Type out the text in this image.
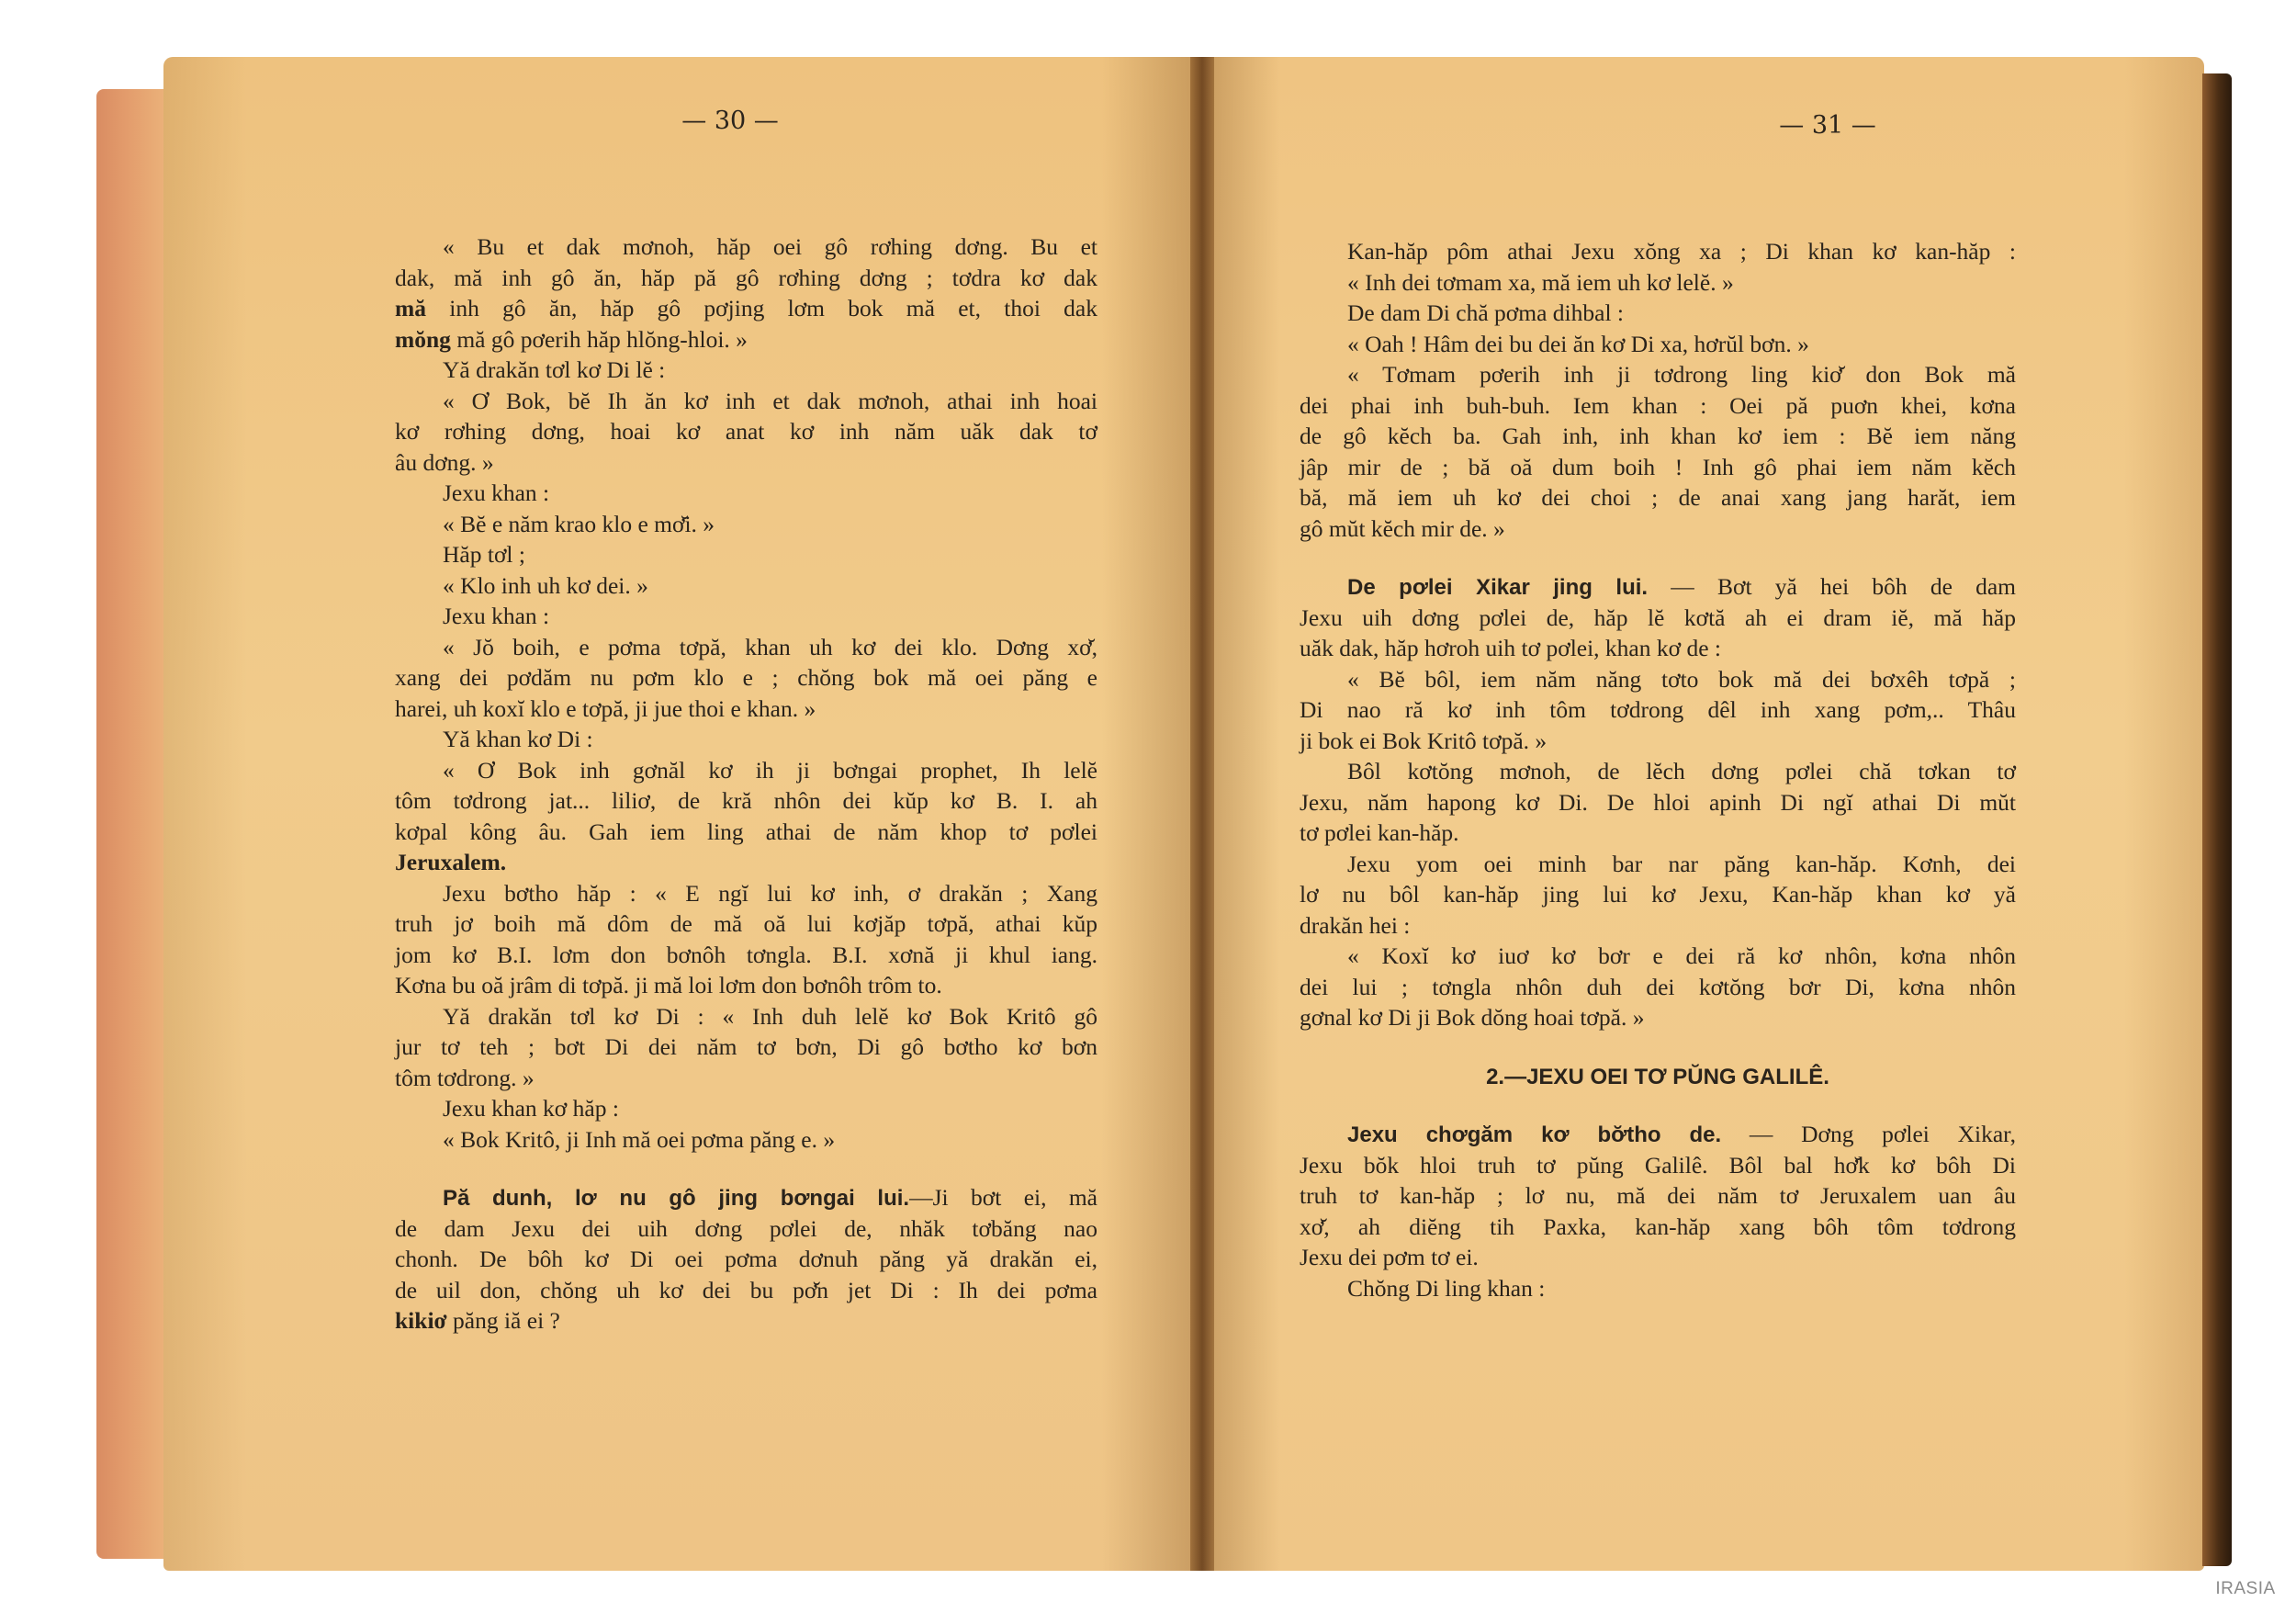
— 30 —
« Bu et dak mơnoh, hăp oei gô rơhing dơng. Bu et
dak, mă inh gô ăn, hăp pă gô rơhing dơng ; tơdra kơ dak
mă inh gô ăn, hăp gô pơjing lơm bok mă et, thoi dak
mŏng mă gô pơerih hăp hlŏng-hloi. »
Yă drakăn tơl kơ Di lĕ :
« Ơ Bok, bĕ Ih ăn kơ inh et dak mơnoh, athai inh hoai
kơ rơhing dơng, hoai kơ anat kơ inh năm uăk dak tơ
âu dơng. »
Jexu khan :
« Bĕ e năm krao klo e mơ̆i. »
Hăp tơl ;
« Klo inh uh kơ dei. »
Jexu khan :
« Jŏ boih, e pơma tơpă, khan uh kơ dei klo. Dơng xơ̆,
xang dei pơdăm nu pơm klo e ; chŏng bok mă oei păng e
harei, uh koxĭ klo e tơpă, ji jue thoi e khan. »
Yă khan kơ Di :
« Ơ Bok inh gơnăl kơ ih ji bơngai prophet, Ih lelĕ
tôm tơdrong jat... liliơ, de kră nhôn dei kŭp kơ B. I. ah
kơpal kông âu. Gah iem ling athai de năm khop tơ pơlei
Jeruxalem.
Jexu bơtho hăp : « E ngĭ lui kơ inh, ơ drakăn ; Xang
truh jơ boih mă dôm de mă oă lui kơjăp tơpă, athai kŭp
jom kơ B.I. lơm don bơnôh tơngla. B.I. xơnă ji khul iang.
Kơna bu oă jrâm di tơpă. ji mă loi lơm don bơnôh trôm to.
Yă drakăn tơl kơ Di : « Inh duh lelĕ kơ Bok Kritô gô
jur tơ teh ; bơt Di dei năm tơ bơn, Di gô bơtho kơ bơn
tôm tơdrong. »
Jexu khan kơ hăp :
« Bok Kritô, ji Inh mă oei pơma păng e. »
Pă dunh, lơ nu gô jing bơngai lui.—Ji bơt ei, mă
de dam Jexu dei uih dơng pơlei de, nhăk tơbăng nao
chonh. De bôh kơ Di oei pơma dơnuh păng yă drakăn ei,
de uil don, chŏng uh kơ dei bu pơ̆n jet Di : Ih dei pơma
kikiơ păng iă ei ?
— 31 —
Kan-hăp pôm athai Jexu xŏng xa ; Di khan kơ kan-hăp :
« Inh dei tơmam xa, mă iem uh kơ lelĕ. »
De dam Di chă pơma dihbal :
« Oah ! Hâm dei bu dei ăn kơ Di xa, hơrŭl bơn. »
« Tơmam pơerih inh ji tơdrong ling kiơ̆ don Bok mă
dei phai inh buh-buh. Iem khan : Oei pă puơn khei, kơna
de gô kĕch ba. Gah inh, inh khan kơ iem : Bĕ iem năng
jâp mir de ; bă oă dum boih ! Inh gô phai iem năm kĕch
bă, mă iem uh kơ dei choi ; de anai xang jang harăt, iem
gô mŭt kĕch mir de. »
De pơlei Xikar jing lui. — Bơt yă hei bôh de dam
Jexu uih dơng pơlei de, hăp lĕ kơtă ah ei dram iĕ, mă hăp
uăk dak, hăp hơroh uih tơ pơlei, khan kơ de :
« Bĕ bôl, iem năm năng tơto bok mă dei bơxêh tơpă ;
Di nao ră kơ inh tôm tơdrong dêl inh xang pơm,.. Thâu
ji bok ei Bok Kritô tơpă. »
Bôl kơtŏng mơnoh, de lĕch dơng pơlei chă tơkan tơ
Jexu, năm hapong kơ Di. De hloi apinh Di ngĭ athai Di mŭt
tơ pơlei kan-hăp.
Jexu yom oei minh bar nar păng kan-hăp. Kơnh, dei
lơ nu bôl kan-hăp jing lui kơ Jexu, Kan-hăp khan kơ yă
drakăn hei :
« Koxĭ kơ iuơ kơ bơr e dei ră kơ nhôn, kơna nhôn
dei lui ; tơngla nhôn duh dei kơtŏng bơr Di, kơna nhôn
gơnal kơ Di ji Bok dŏng hoai tơpă. »
2.—JEXU OEI TƠ PŬNG GALILÊ.
Jexu chơgăm kơ bơ̆tho de. — Dơng pơlei Xikar,
Jexu bŏk hloi truh tơ pŭng Galilê. Bôl bal hơ̆k kơ bôh Di
truh tơ kan-hăp ; lơ nu, mă dei năm tơ Jeruxalem uan âu
xơ̆, ah diĕng tih Paxka, kan-hăp xang bôh tôm tơdrong
Jexu dei pơm tơ ei.
Chŏng Di ling khan :
IRASIA
